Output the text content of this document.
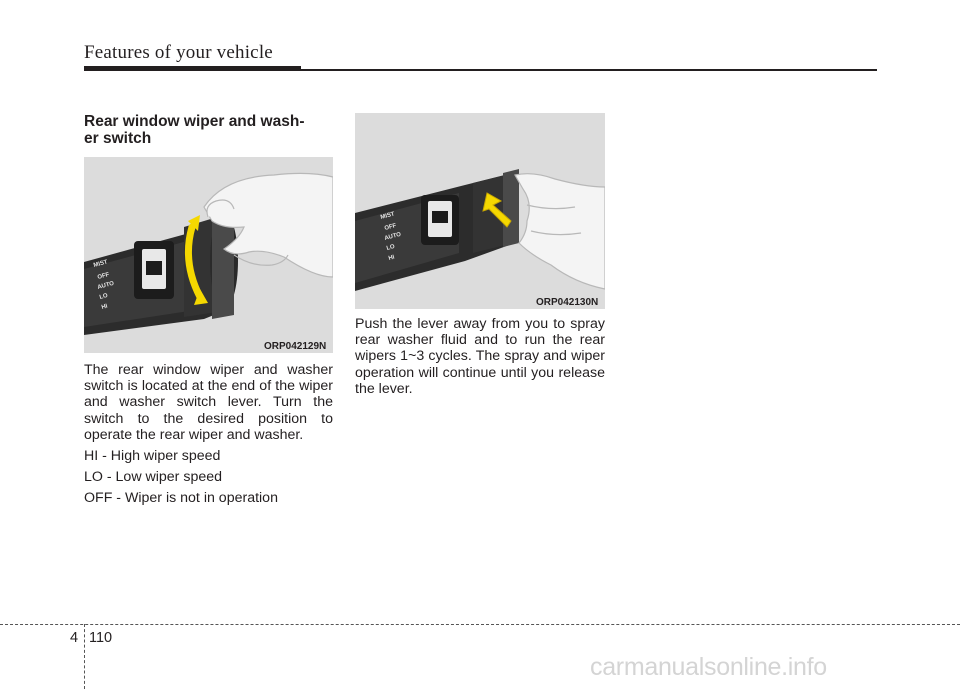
Features of your vehicle
Rear window wiper and wash-
er switch
MIST
OFF
AUTO
LO
HI
ORP042129N
MIST
OFF
AUTO
LO
HI
ORP042130N

The rear window wiper and washer switch is located at the end of the wiper and washer switch lever. Turn the switch to the desired position to operate the rear wiper and washer.

HI - High wiper speed

LO - Low wiper speed

OFF - Wiper is not in operation

Push the lever away from you to spray rear washer fluid and to run the rear wipers 1~3 cycles. The spray and wiper operation will continue until you release the lever.

4 110
carmanualsonline.info
